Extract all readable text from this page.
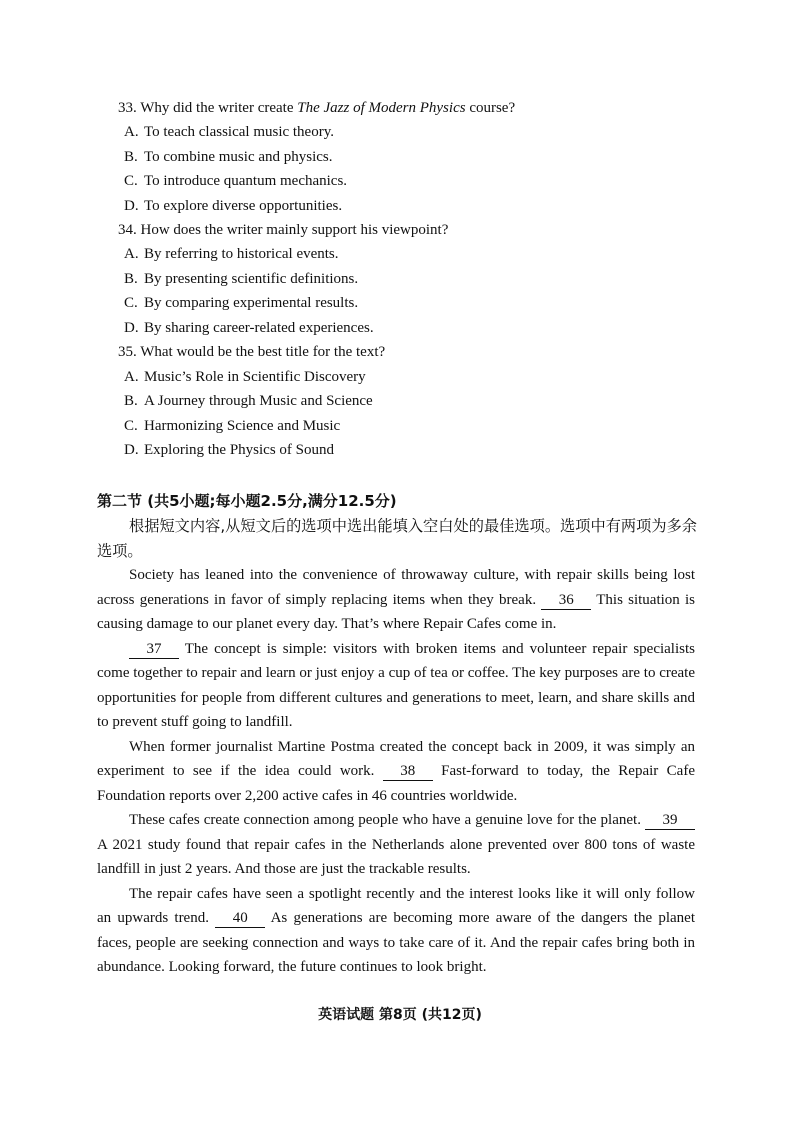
33. Why did the writer create The Jazz of Modern Physics course?
A. To teach classical music theory.
B. To combine music and physics.
C. To introduce quantum mechanics.
D. To explore diverse opportunities.
34. How does the writer mainly support his viewpoint?
A. By referring to historical events.
B. By presenting scientific definitions.
C. By comparing experimental results.
D. By sharing career-related experiences.
35. What would be the best title for the text?
A. Music’s Role in Scientific Discovery
B. A Journey through Music and Science
C. Harmonizing Science and Music
D. Exploring the Physics of Sound
第二节 (共5小题;每小题2.5分,满分12.5分)
根据短文内容,从短文后的选项中选出能填入空白处的最佳选项。选项中有两项为多余选项。

Society has leaned into the convenience of throwaway culture, with repair skills being lost across generations in favor of simply replacing items when they break. 36 This situation is causing damage to our planet every day. That’s where Repair Cafes come in.

37 The concept is simple: visitors with broken items and volunteer repair specialists come together to repair and learn or just enjoy a cup of tea or coffee. The key purposes are to create opportunities for people from different cultures and generations to meet, learn, and share skills and to prevent stuff going to landfill.

When former journalist Martine Postma created the concept back in 2009, it was simply an experiment to see if the idea could work. 38 Fast-forward to today, the Repair Cafe Foundation reports over 2,200 active cafes in 46 countries worldwide.

These cafes create connection among people who have a genuine love for the planet. 39 A 2021 study found that repair cafes in the Netherlands alone prevented over 800 tons of waste landfill in just 2 years. And those are just the trackable results.

The repair cafes have seen a spotlight recently and the interest looks like it will only follow an upwards trend. 40 As generations are becoming more aware of the dangers the planet faces, people are seeking connection and ways to take care of it. And the repair cafes bring both in abundance. Looking forward, the future continues to look bright.

英语试题 第8页 (共12页)
